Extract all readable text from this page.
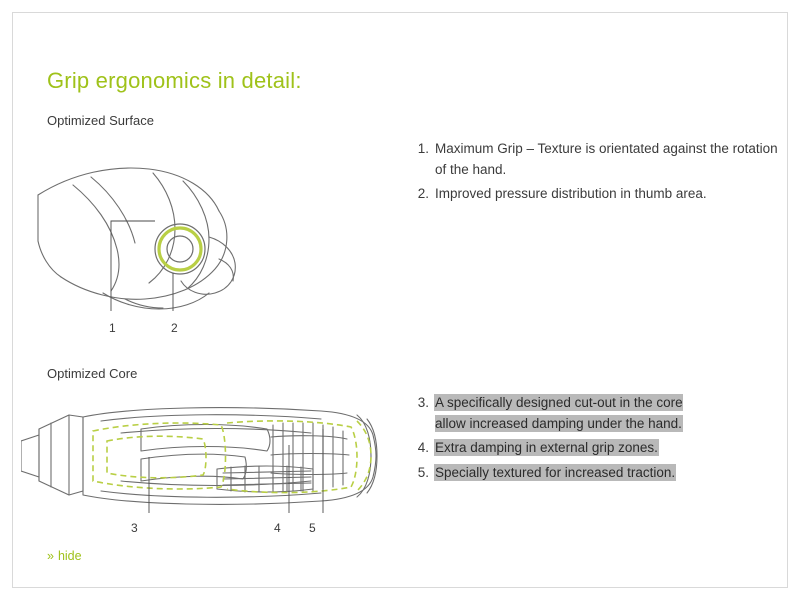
Grip ergonomics in detail:
Optimized Surface
1	2
1. Maximum Grip – Texture is orientated against the rotation of the hand.
2. Improved pressure distribution in thumb area.
Optimized Core
3	4 5
3. A specifically designed cut-out in the core allow increased damping under the hand.
4. Extra damping in external grip zones.
5. Specially textured for increased traction.
» hide
